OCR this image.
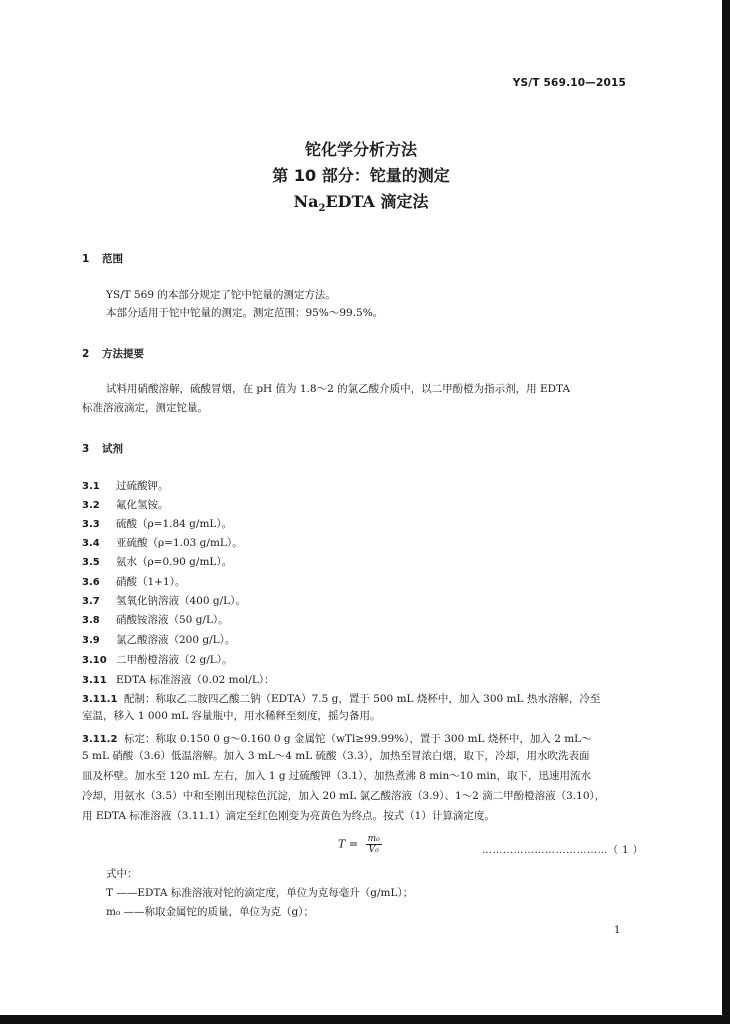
YS/T 569.10—2015
铊化学分析方法
第 10 部分：铊量的测定
$Na_2EDTA$ 滴定法
1 范围
YS/T 569 的本部分规定了铊中铊量的测定方法。
本部分适用于铊中铊量的测定。测定范围：95%～99.5%。
2 方法提要
试料用硝酸溶解，硫酸冒烟，在 pH 值为 1.8～2 的氯乙酸介质中，以二甲酚橙为指示剂，用 EDTA
标准溶液滴定，测定铊量。
3 试剂
3.1 过硫酸钾。
3.2 氟化氢铵。
3.3 硫酸（ρ=1.84 g/mL）。
3.4 亚硫酸（ρ=1.03 g/mL）。
3.5 氨水（ρ=0.90 g/mL）。
3.6 硝酸（1+1）。
3.7 氢氧化钠溶液（400 g/L）。
3.8 硝酸铵溶液（50 g/L）。
3.9 氯乙酸溶液（200 g/L）。
3.10 二甲酚橙溶液（2 g/L）。
3.11 EDTA 标准溶液（0.02 mol/L）：
3.11.1 配制：称取乙二胺四乙酸二钠（EDTA）7.5 g，置于 500 mL 烧杯中，加入 300 mL 热水溶解，冷至
室温，移入 1 000 mL 容量瓶中，用水稀释至刻度，摇匀备用。
3.11.2 标定：称取 0.150 0 g～0.160 0 g 金属铊（wTl≥99.99%），置于 300 mL 烧杯中，加入 2 mL～
5 mL 硝酸（3.6）低温溶解。加入 3 mL～4 mL 硫酸（3.3），加热至冒浓白烟，取下，冷却，用水吹洗表面
皿及杯壁。加水至 120 mL 左右，加入 1 g 过硫酸钾（3.1），加热煮沸 8 min～10 min，取下，迅速用流水
冷却，用氨水（3.5）中和至刚出现棕色沉淀，加入 20 mL 氯乙酸溶液（3.9）、1～2 滴二甲酚橙溶液（3.10），
用 EDTA 标准溶液（3.11.1）滴定至红色刚变为亮黄色为终点。按式（1）计算滴定度。
$T = \frac{\text{m₀}}{\text{V₀}}$	………………………………（ 1 ）
式中：
T ——EDTA 标准溶液对铊的滴定度，单位为克每毫升（g/mL）；
m₀ ——称取金属铊的质量，单位为克（g）；
1
